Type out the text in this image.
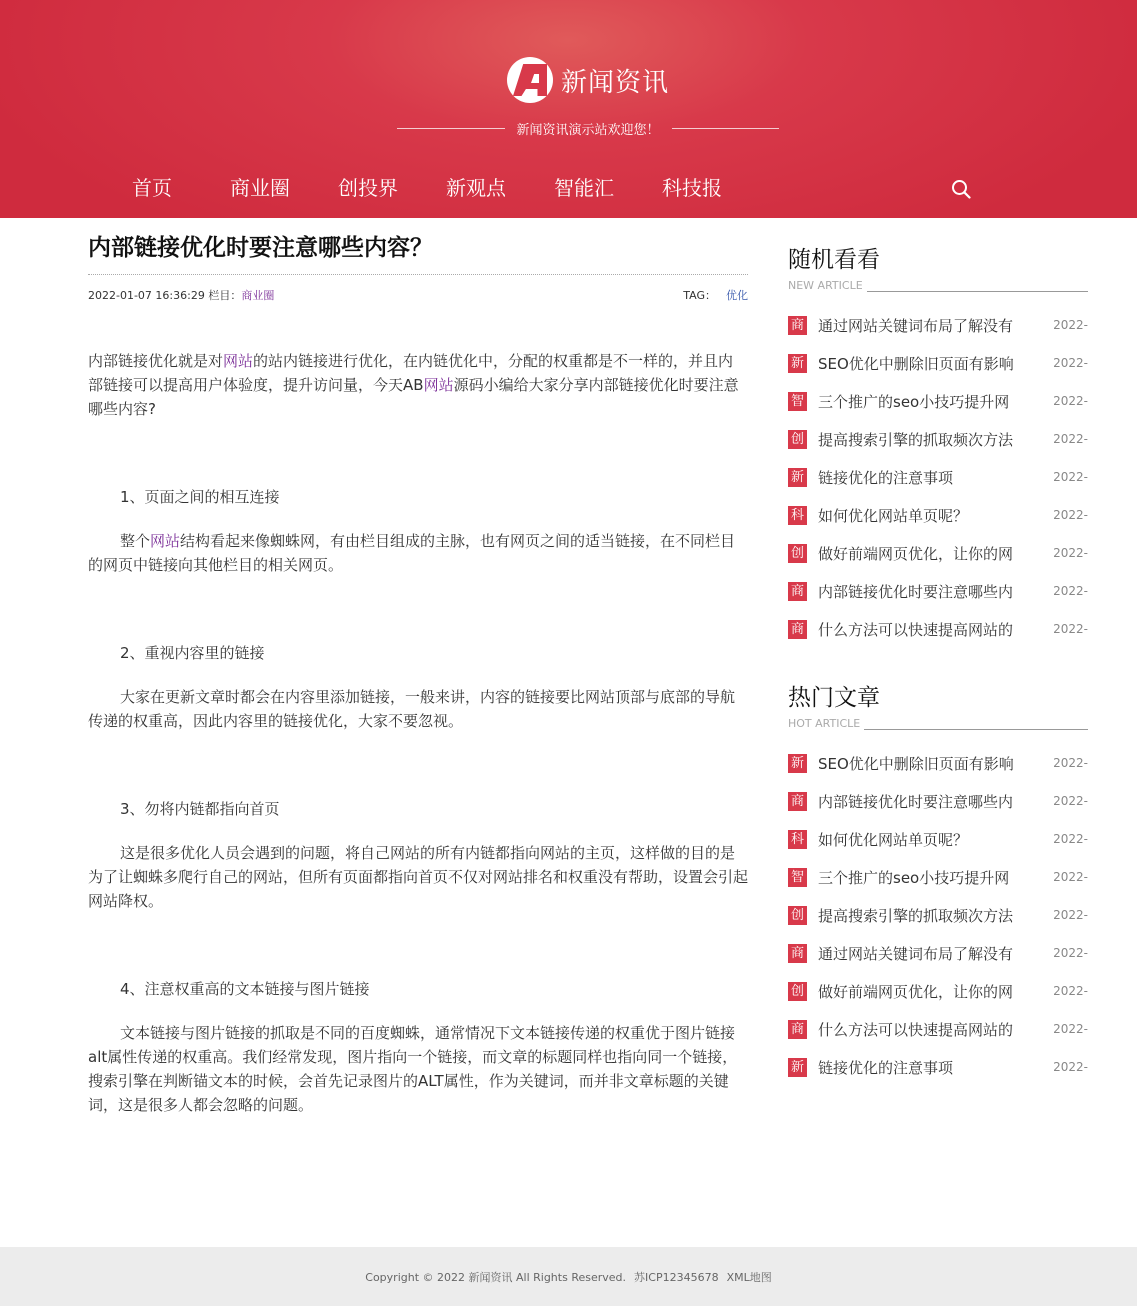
新闻资讯
新闻资讯演示站欢迎您！
首页	商业圈	创投界	新观点	智能汇	科技报
内部链接优化时要注意哪些内容？
2022-01-07 16:36:29 栏目：商业圈	TAG： 优化

内部链接优化就是对网站的站内链接进行优化，在内链优化中，分配的权重都是不一样的，并且内部链接可以提高用户体验度，提升访问量，今天AB网站源码小编给大家分享内部链接优化时要注意哪些内容?

1、页面之间的相互连接

整个网站结构看起来像蜘蛛网，有由栏目组成的主脉，也有网页之间的适当链接，在不同栏目的网页中链接向其他栏目的相关网页。

2、重视内容里的链接

大家在更新文章时都会在内容里添加链接，一般来讲，内容的链接要比网站顶部与底部的导航传递的权重高，因此内容里的链接优化，大家不要忽视。

3、勿将内链都指向首页

这是很多优化人员会遇到的问题，将自己网站的所有内链都指向网站的主页，这样做的目的是为了让蜘蛛多爬行自己的网站，但所有页面都指向首页不仅对网站排名和权重没有帮助，设置会引起网站降权。

4、注意权重高的文本链接与图片链接

文本链接与图片链接的抓取是不同的百度蜘蛛，通常情况下文本链接传递的权重优于图片链接alt属性传递的权重高。我们经常发现，图片指向一个链接，而文章的标题同样也指向同一个链接，搜索引擎在判断锚文本的时候，会首先记录图片的ALT属性，作为关键词，而并非文章标题的关键词，这是很多人都会忽略的问题。

随机看看
NEW ARTICLE
商 通过网站关键词布局了解没有	2022-
新 SEO优化中删除旧页面有影响	2022-
智 三个推广的seo小技巧提升网	2022-
创 提高搜索引擎的抓取频次方法	2022-
新 链接优化的注意事项	2022-
科 如何优化网站单页呢？	2022-
创 做好前端网页优化，让你的网	2022-
商 内部链接优化时要注意哪些内	2022-
商 什么方法可以快速提高网站的	2022-
热门文章
HOT ARTICLE
新 SEO优化中删除旧页面有影响	2022-
商 内部链接优化时要注意哪些内	2022-
科 如何优化网站单页呢？	2022-
智 三个推广的seo小技巧提升网	2022-
创 提高搜索引擎的抓取频次方法	2022-
商 通过网站关键词布局了解没有	2022-
创 做好前端网页优化，让你的网	2022-
商 什么方法可以快速提高网站的	2022-
新 链接优化的注意事项	2022-
Copyright © 2022 新闻资讯 All Rights Reserved. 苏ICP12345678 XML地图
